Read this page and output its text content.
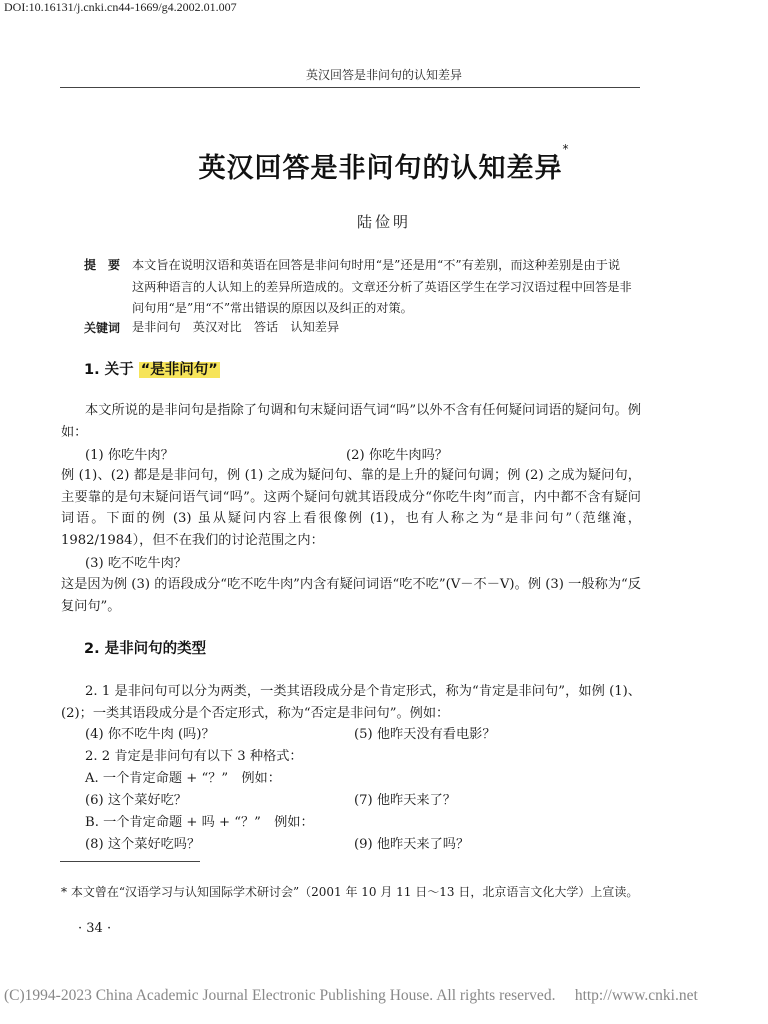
DOI:10.16131/j.cnki.cn44-1669/g4.2002.01.007
英汉回答是非问句的认知差异
英汉回答是非问句的认知差异*
陆俭明
提　要 本文旨在说明汉语和英语在回答是非问句时用“是”还是用“不”有差别，而这种差别是由于说这两种语言的人认知上的差异所造成的。文章还分析了英语区学生在学习汉语过程中回答是非问句用“是”用“不”常出错误的原因以及纠正的对策。
关键词 是非问句　英汉对比　答话　认知差异
1. 关于 “是非问句”
本文所说的是非问句是指除了句调和句末疑问语气词“吗”以外不含有任何疑问词语的疑问句。例如：
(1) 你吃牛肉？	(2) 你吃牛肉吗？
例 (1)、(2) 都是是非问句，例 (1) 之成为疑问句、靠的是上升的疑问句调；例 (2) 之成为疑问句，主要靠的是句末疑问语气词“吗”。这两个疑问句就其语段成分“你吃牛肉”而言，内中都不含有疑问词语。下面的例 (3) 虽从疑问内容上看很像例 (1)，也有人称之为“是非问句”（范继淹，1982/1984），但不在我们的讨论范围之内：
(3) 吃不吃牛肉？
这是因为例 (3) 的语段成分“吃不吃牛肉”内含有疑问词语“吃不吃”(V－不－V)。例 (3) 一般称为“反复问句”。
2. 是非问句的类型
2. 1 是非问句可以分为两类，一类其语段成分是个肯定形式，称为“肯定是非问句”，如例 (1)、(2)；一类其语段成分是个否定形式，称为“否定是非问句”。例如：
(4) 你不吃牛肉 (吗)？	(5) 他昨天没有看电影？
2. 2 肯定是非问句有以下 3 种格式：
A. 一个肯定命题 + “？”　例如：
(6) 这个菜好吃？	(7) 他昨天来了？
B. 一个肯定命题 + 吗 + “？”　例如：
(8) 这个菜好吃吗？	(9) 他昨天来了吗？
* 本文曾在“汉语学习与认知国际学术研讨会”（2001 年 10 月 11 日～13 日，北京语言文化大学）上宣读。
· 34 ·
(C)1994-2023 China Academic Journal Electronic Publishing House. All rights reserved.　 http://www.cnki.net
